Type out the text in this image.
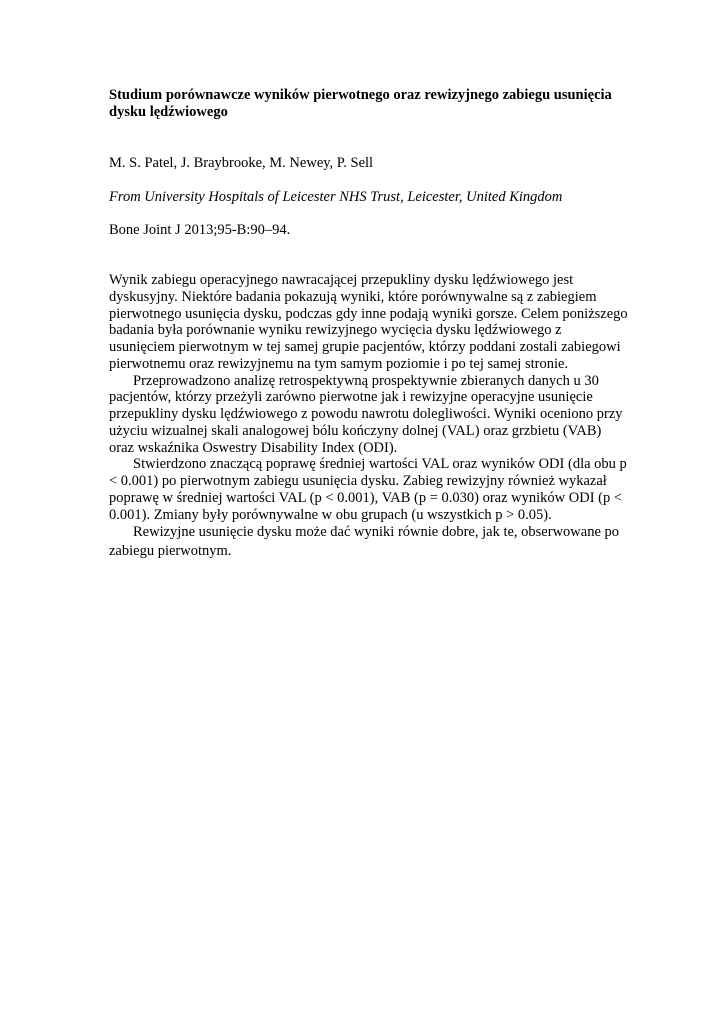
Studium porównawcze wyników pierwotnego oraz rewizyjnego zabiegu usunięcia dysku lędźwiowego
M. S. Patel, J. Braybrooke, M. Newey, P. Sell
From University Hospitals of Leicester NHS Trust, Leicester, United Kingdom
Bone Joint J 2013;95-B:90–94.

Wynik zabiegu operacyjnego nawracającej przepukliny dysku lędźwiowego jest dyskusyjny. Niektóre badania pokazują wyniki, które porównywalne są z zabiegiem pierwotnego usunięcia dysku, podczas gdy inne podają wyniki gorsze. Celem poniższego badania była porównanie wyniku rewizyjnego wycięcia dysku lędźwiowego z usunięciem pierwotnym w tej samej grupie pacjentów, którzy poddani zostali zabiegowi pierwotnemu oraz rewizyjnemu na tym samym poziomie i po tej samej stronie.

Przeprowadzono analizę retrospektywną prospektywnie zbieranych danych u 30 pacjentów, którzy przeżyli zarówno pierwotne jak i rewizyjne operacyjne usunięcie przepukliny dysku lędźwiowego z powodu nawrotu dolegliwości. Wyniki oceniono przy użyciu wizualnej skali analogowej bólu kończyny dolnej (VAL) oraz grzbietu (VAB) oraz wskaźnika Oswestry Disability Index (ODI).

Stwierdzono znaczącą poprawę średniej wartości VAL oraz wyników ODI (dla obu p < 0.001) po pierwotnym zabiegu usunięcia dysku. Zabieg rewizyjny również wykazał poprawę w średniej wartości VAL (p < 0.001), VAB (p = 0.030) oraz wyników ODI (p < 0.001). Zmiany były porównywalne w obu grupach (u wszystkich p > 0.05).

Rewizyjne usunięcie dysku może dać wyniki równie dobre, jak te, obserwowane po zabiegu pierwotnym.
